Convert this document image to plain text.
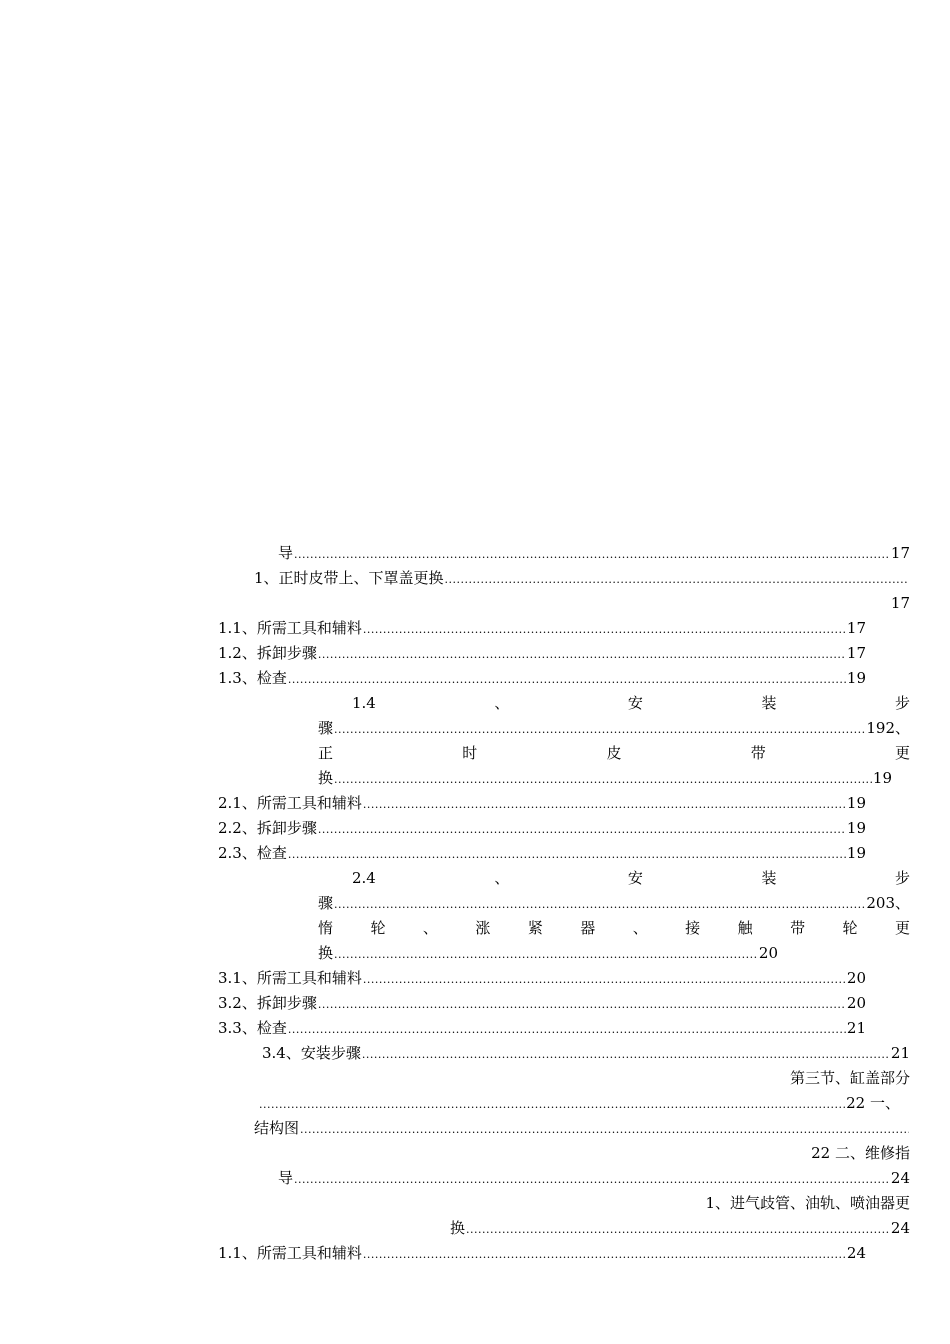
导 .....	17
1、正时皮带上、下罩盖更换
.....
17
1.1、所需工具和辅料 .....	17
1.2、拆卸步骤 .....	17
1.3、检查 .....	19
1.4	、	安	装	步
骤 .....	192、
正	时	皮	带	更
换 .....	19
2.1、所需工具和辅料 .....	19
2.2、拆卸步骤 .....	19
2.3、检查 .....	19
2.4	、	安	装	步
骤 .....	203、
惰 轮 、 涨 紧 器 、 接 触 带 轮 更
换 .....	20
3.1、所需工具和辅料 .....	20
3.2、拆卸步骤 .....	20
3.3、检查 .....	21
3.4、安装步骤 .....	21
第三节、缸盖部分
.....
22 一、
结构图
.....
22 二、维修指
导 .....	24
1、进气歧管、油轨、喷油器更
换 .....	24
1.1、所需工具和辅料 .....	24
